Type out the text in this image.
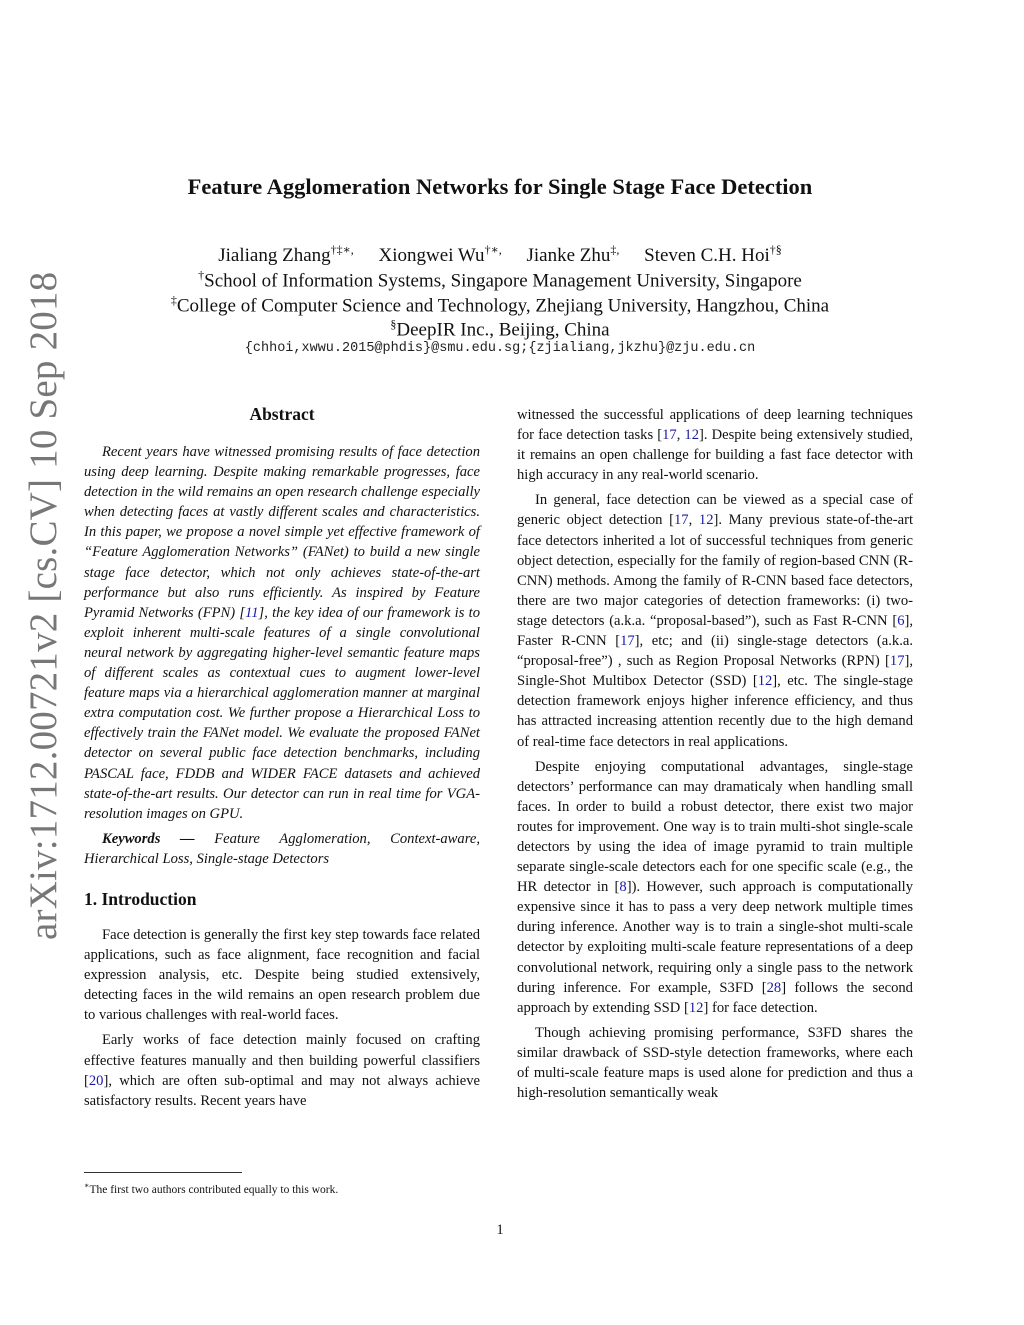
arXiv:1712.00721v2 [cs.CV] 10 Sep 2018
Feature Agglomeration Networks for Single Stage Face Detection
Jialiang Zhang†‡∗, Xiongwei Wu†∗, Jianke Zhu‡, Steven C.H. Hoi†§
†School of Information Systems, Singapore Management University, Singapore
‡College of Computer Science and Technology, Zhejiang University, Hangzhou, China
§DeepIR Inc., Beijing, China
{chhoi,xwwu.2015@phdis}@smu.edu.sg;{zjialiang,jkzhu}@zju.edu.cn
Abstract

Recent years have witnessed promising results of face detection using deep learning. Despite making remarkable progresses, face detection in the wild remains an open research challenge especially when detecting faces at vastly different scales and characteristics. In this paper, we propose a novel simple yet effective framework of “Feature Agglomeration Networks” (FANet) to build a new single stage face detector, which not only achieves state-of-the-art performance but also runs efficiently. As inspired by Feature Pyramid Networks (FPN) [11], the key idea of our framework is to exploit inherent multi-scale features of a single convolutional neural network by aggregating higher-level semantic feature maps of different scales as contextual cues to augment lower-level feature maps via a hierarchical agglomeration manner at marginal extra computation cost. We further propose a Hierarchical Loss to effectively train the FANet model. We evaluate the proposed FANet detector on several public face detection benchmarks, including PASCAL face, FDDB and WIDER FACE datasets and achieved state-of-the-art results. Our detector can run in real time for VGA-resolution images on GPU.

Keywords — Feature Agglomeration, Context-aware, Hierarchical Loss, Single-stage Detectors

1. Introduction

Face detection is generally the first key step towards face related applications, such as face alignment, face recognition and facial expression analysis, etc. Despite being studied extensively, detecting faces in the wild remains an open research problem due to various challenges with real-world faces.

Early works of face detection mainly focused on crafting effective features manually and then building powerful classifiers [20], which are often sub-optimal and may not always achieve satisfactory results. Recent years have

witnessed the successful applications of deep learning techniques for face detection tasks [17, 12]. Despite being extensively studied, it remains an open challenge for building a fast face detector with high accuracy in any real-world scenario.

In general, face detection can be viewed as a special case of generic object detection [17, 12]. Many previous state-of-the-art face detectors inherited a lot of successful techniques from generic object detection, especially for the family of region-based CNN (R-CNN) methods. Among the family of R-CNN based face detectors, there are two major categories of detection frameworks: (i) two-stage detectors (a.k.a. “proposal-based”), such as Fast R-CNN [6], Faster R-CNN [17], etc; and (ii) single-stage detectors (a.k.a. “proposal-free”) , such as Region Proposal Networks (RPN) [17], Single-Shot Multibox Detector (SSD) [12], etc. The single-stage detection framework enjoys higher inference efficiency, and thus has attracted increasing attention recently due to the high demand of real-time face detectors in real applications.

Despite enjoying computational advantages, single-stage detectors’ performance can may dramaticaly when handling small faces. In order to build a robust detector, there exist two major routes for improvement. One way is to train multi-shot single-scale detectors by using the idea of image pyramid to train multiple separate single-scale detectors each for one specific scale (e.g., the HR detector in [8]). However, such approach is computationally expensive since it has to pass a very deep network multiple times during inference. Another way is to train a single-shot multi-scale detector by exploiting multi-scale feature representations of a deep convolutional network, requiring only a single pass to the network during inference. For example, S3FD [28] follows the second approach by extending SSD [12] for face detection.

Though achieving promising performance, S3FD shares the similar drawback of SSD-style detection frameworks, where each of multi-scale feature maps is used alone for prediction and thus a high-resolution semantically weak

∗The first two authors contributed equally to this work.
1
